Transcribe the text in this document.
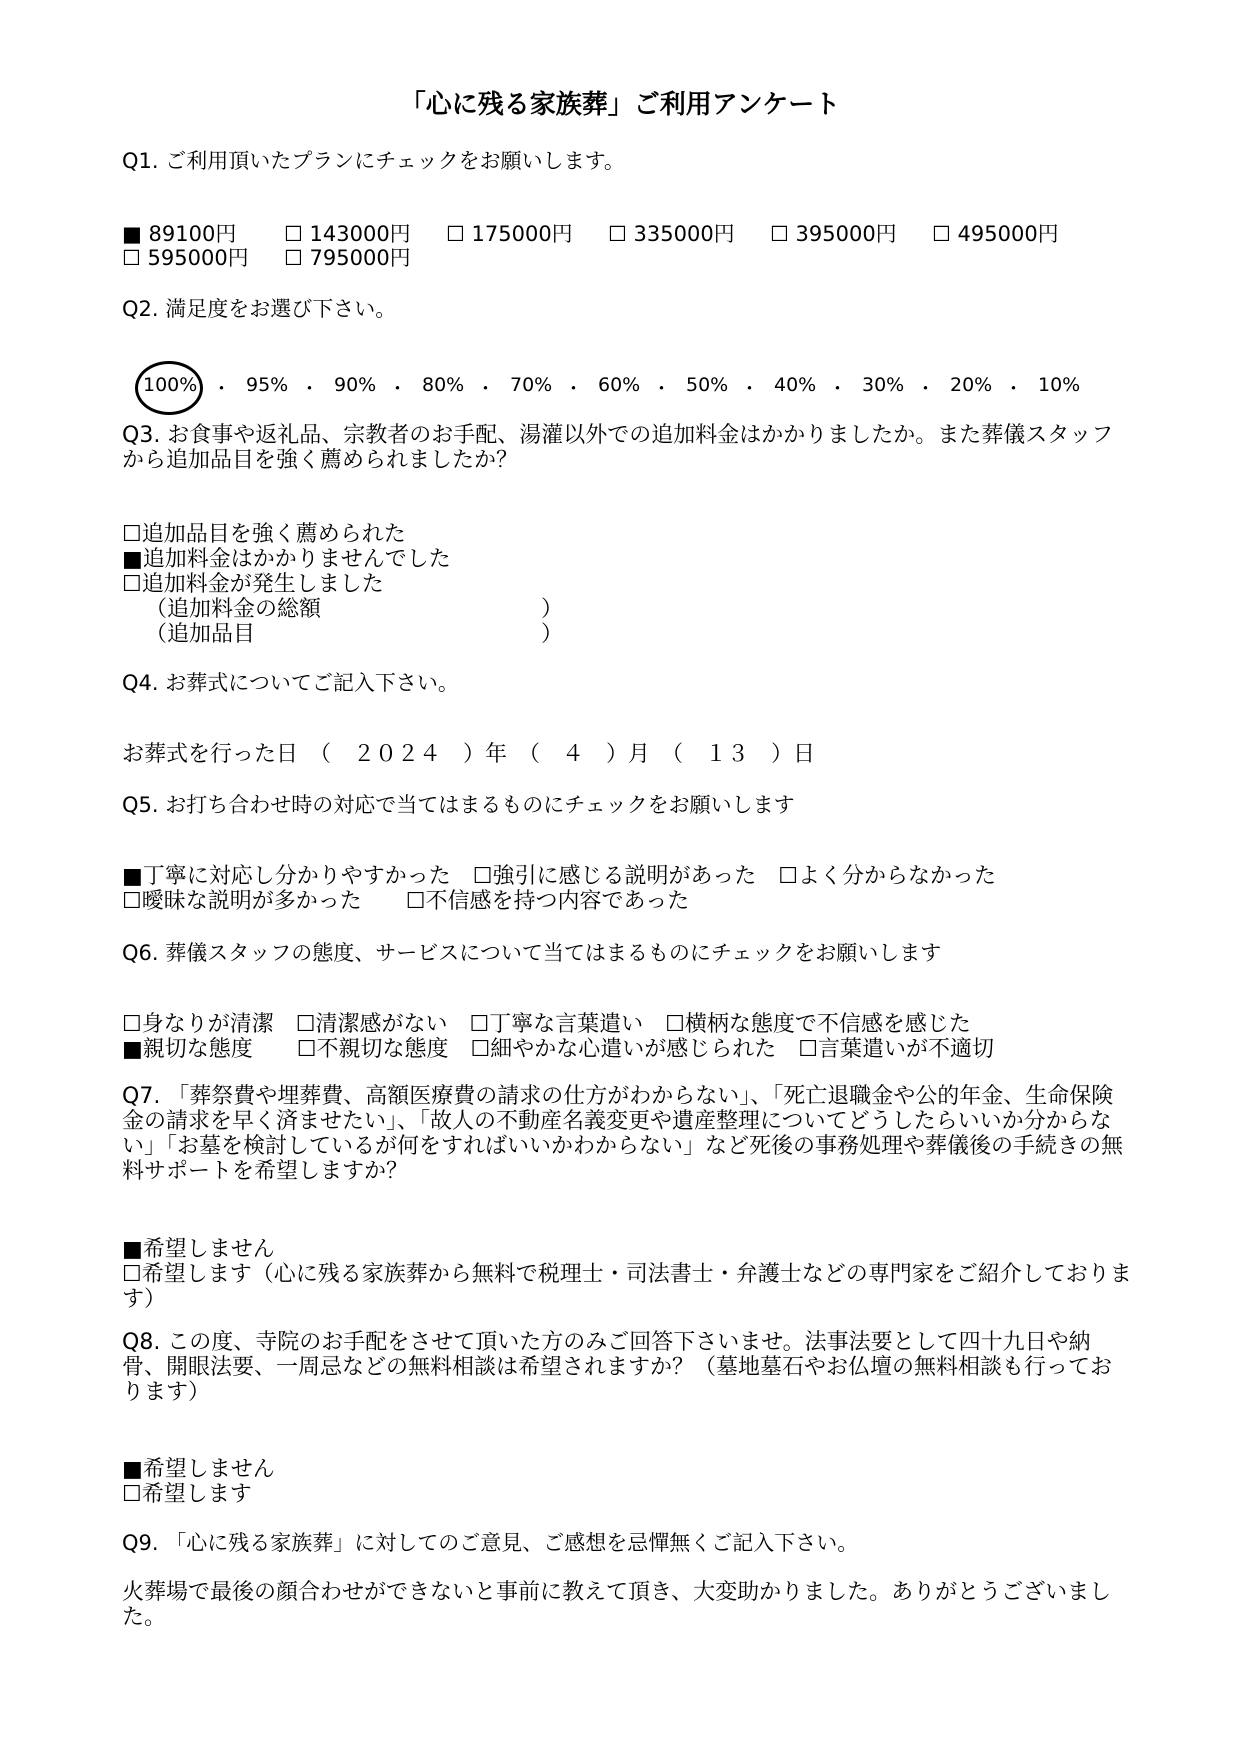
「心に残る家族葬」ご利用アンケート
Q1. ご利用頂いたプランにチェックをお願いします。
■ 89100円 ☐ 143000円 ☐ 175000円 ☐ 335000円 ☐ 395000円 ☐ 495000円
☐ 595000円 ☐ 795000円
Q2. 満足度をお選び下さい。
100% ・ 95% ・ 90% ・ 80% ・ 70% ・ 60% ・ 50% ・ 40% ・ 30% ・ 20% ・ 10%
Q3. お食事や返礼品、宗教者のお手配、湯灌以外での追加料金はかかりましたか。また葬儀スタッフから追加品目を強く薦められましたか？
☐追加品目を強く薦められた
■追加料金はかかりませんでした
☐追加料金が発生しました
（追加料金の総額　　　　　　　　　　）
（追加品目　　　　　　　　　　　　　）
Q4. お葬式についてご記入下さい。
お葬式を行った日　（　２０２４　）年　（　４　）月　（　１３　）日
Q5. お打ち合わせ時の対応で当てはまるものにチェックをお願いします
■丁寧に対応し分かりやすかった　☐強引に感じる説明があった　☐よく分からなかった
☐曖昧な説明が多かった　　☐不信感を持つ内容であった
Q6. 葬儀スタッフの態度、サービスについて当てはまるものにチェックをお願いします
☐身なりが清潔　☐清潔感がない　☐丁寧な言葉遣い　☐横柄な態度で不信感を感じた
■親切な態度　　☐不親切な態度　☐細やかな心遣いが感じられた　☐言葉遣いが不適切
Q7. 「葬祭費や埋葬費、高額医療費の請求の仕方がわからない」、「死亡退職金や公的年金、生命保険金の請求を早く済ませたい」、「故人の不動産名義変更や遺産整理についてどうしたらいいか分からない」「お墓を検討しているが何をすればいいかわからない」など死後の事務処理や葬儀後の手続きの無料サポートを希望しますか？
■希望しません
☐希望します（心に残る家族葬から無料で税理士・司法書士・弁護士などの専門家をご紹介しております）
Q8. この度、寺院のお手配をさせて頂いた方のみご回答下さいませ。法事法要として四十九日や納骨、開眼法要、一周忌などの無料相談は希望されますか？（墓地墓石やお仏壇の無料相談も行っております）
■希望しません
☐希望します
Q9. 「心に残る家族葬」に対してのご意見、ご感想を忌憚無くご記入下さい。
火葬場で最後の顔合わせができないと事前に教えて頂き、大変助かりました。ありがとうございました。
